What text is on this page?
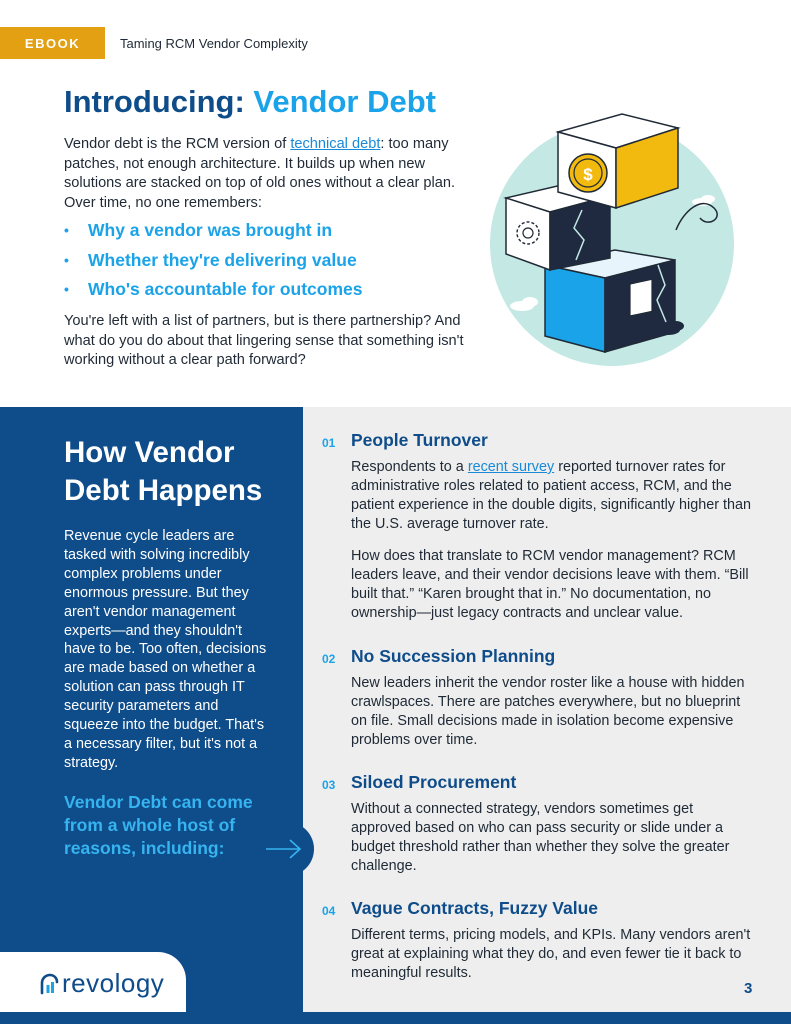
EBOOK	Taming RCM Vendor Complexity
Introducing: Vendor Debt

Vendor debt is the RCM version of technical debt: too many patches, not enough architecture. It builds up when new solutions are stacked on top of old ones without a clear plan. Over time, no one remembers:

•	Why a vendor was brought in
•	Whether they're delivering value
•	Who's accountable for outcomes

You're left with a list of partners, but is there partnership? And what do you do about that lingering sense that something isn't working without a clear path forward?

$
How Vendor Debt Happens

Revenue cycle leaders are tasked with solving incredibly complex problems under enormous pressure. But they aren't vendor management experts—and they shouldn't have to be. Too often, decisions are made based on whether a solution can pass through IT security parameters and squeeze into the budget. That's a necessary filter, but it's not a strategy.

Vendor Debt can come from a whole host of reasons, including:

revology
01 People Turnover

Respondents to a recent survey reported turnover rates for administrative roles related to patient access, RCM, and the patient experience in the double digits, significantly higher than the U.S. average turnover rate.

How does that translate to RCM vendor management? RCM leaders leave, and their vendor decisions leave with them. “Bill built that.” “Karen brought that in.” No documentation, no ownership—just legacy contracts and unclear value.

02 No Succession Planning

New leaders inherit the vendor roster like a house with hidden crawlspaces. There are patches everywhere, but no blueprint on file. Small decisions made in isolation become expensive problems over time.

03 Siloed Procurement

Without a connected strategy, vendors sometimes get approved based on who can pass security or slide under a budget threshold rather than whether they solve the greater challenge.

04 Vague Contracts, Fuzzy Value

Different terms, pricing models, and KPIs. Many vendors aren't great at explaining what they do, and even fewer tie it back to meaningful results.

3
